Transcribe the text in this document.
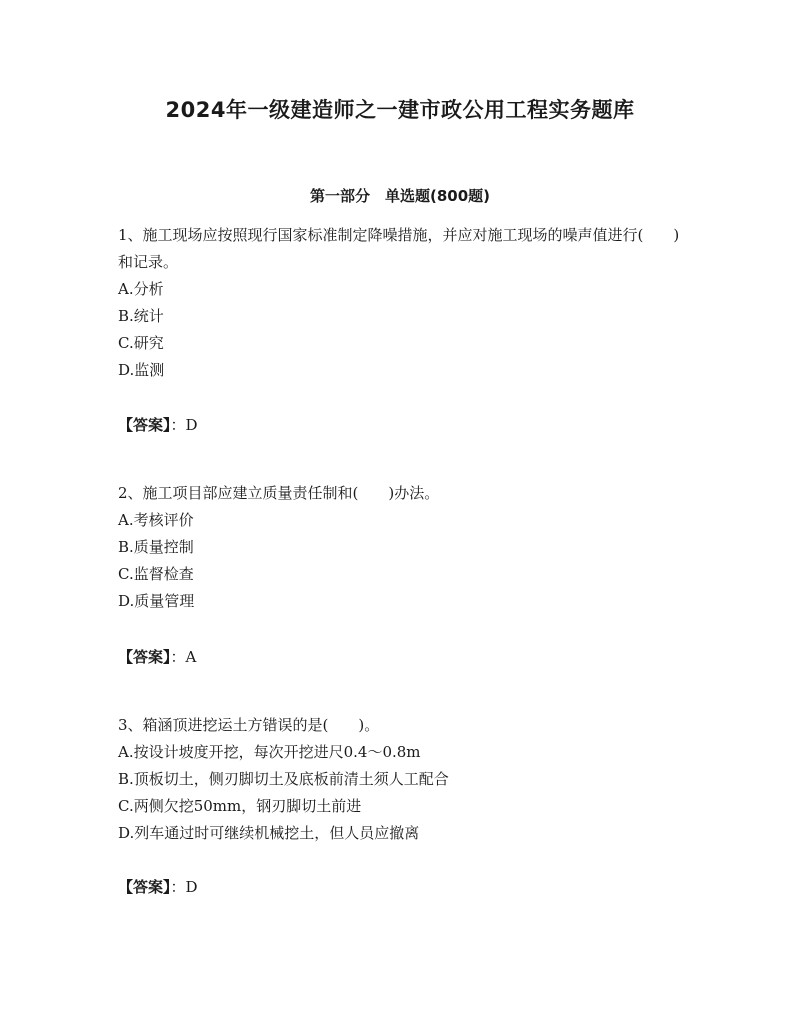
2024年一级建造师之一建市政公用工程实务题库
第一部分　单选题(800题)

1、施工现场应按照现行国家标准制定降噪措施，并应对施工现场的噪声值进行(　　)和记录。

A.分析

B.统计

C.研究

D.监测

【答案】：D

2、施工项目部应建立质量责任制和(　　)办法。

A.考核评价

B.质量控制

C.监督检查

D.质量管理

【答案】：A

3、箱涵顶进挖运土方错误的是(　　)。

A.按设计坡度开挖，每次开挖进尺0.4～0.8m

B.顶板切土，侧刃脚切土及底板前清土须人工配合

C.两侧欠挖50mm，钢刃脚切土前进

D.列车通过时可继续机械挖土，但人员应撤离

【答案】：D
